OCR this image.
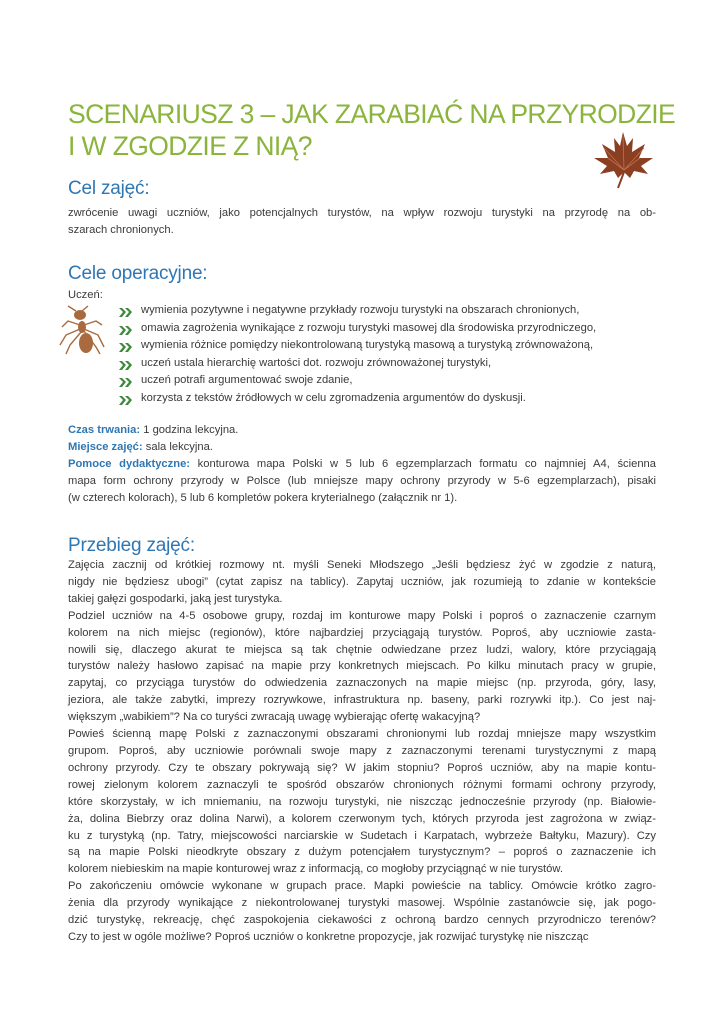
SCENARIUSZ 3 – JAK ZARABIAĆ NA PRZYRODZIE
I W ZGODZIE Z NIĄ?
Cel zajęć:

zwrócenie uwagi uczniów, jako potencjalnych turystów, na wpływ rozwoju turystyki na przyrodę na ob-
szarach chronionych.

Cele operacyjne:

Uczeń:

wymienia pozytywne i negatywne przykłady rozwoju turystyki na obszarach chronionych,
omawia zagrożenia wynikające z rozwoju turystyki masowej dla środowiska przyrodniczego,
wymienia różnice pomiędzy niekontrolowaną turystyką masową a turystyką zrównoważoną,
uczeń ustala hierarchię wartości dot. rozwoju zrównoważonej turystyki,
uczeń potrafi argumentować swoje zdanie,
korzysta z tekstów źródłowych w celu zgromadzenia argumentów do dyskusji.

Czas trwania: 1 godzina lekcyjna.

Miejsce zajęć: sala lekcyjna.

Pomoce dydaktyczne: konturowa mapa Polski w 5 lub 6 egzemplarzach formatu co najmniej A4, ścienna
mapa form ochrony przyrody w Polsce (lub mniejsze mapy ochrony przyrody w 5-6 egzemplarzach), pisaki
(w czterech kolorach), 5 lub 6 kompletów pokera kryterialnego (załącznik nr 1).

Przebieg zajęć:

Zajęcia zacznij od krótkiej rozmowy nt. myśli Seneki Młodszego „Jeśli będziesz żyć w zgodzie z naturą,
nigdy nie będziesz ubogi” (cytat zapisz na tablicy). Zapytaj uczniów, jak rozumieją to zdanie w kontekście
takiej gałęzi gospodarki, jaką jest turystyka.
Podziel uczniów na 4-5 osobowe grupy, rozdaj im konturowe mapy Polski i poproś o zaznaczenie czarnym
kolorem na nich miejsc (regionów), które najbardziej przyciągają turystów. Poproś, aby uczniowie zasta-
nowili się, dlaczego akurat te miejsca są tak chętnie odwiedzane przez ludzi, walory, które przyciągają
turystów należy hasłowo zapisać na mapie przy konkretnych miejscach. Po kilku minutach pracy w grupie,
zapytaj, co przyciąga turystów do odwiedzenia zaznaczonych na mapie miejsc (np. przyroda, góry, lasy,
jeziora, ale także zabytki, imprezy rozrywkowe, infrastruktura np. baseny, parki rozrywki itp.). Co jest naj-
większym „wabikiem”? Na co turyści zwracają uwagę wybierając ofertę wakacyjną?
Powieś ścienną mapę Polski z zaznaczonymi obszarami chronionymi lub rozdaj mniejsze mapy wszystkim
grupom. Poproś, aby uczniowie porównali swoje mapy z zaznaczonymi terenami turystycznymi z mapą
ochrony przyrody. Czy te obszary pokrywają się? W jakim stopniu? Poproś uczniów, aby na mapie kontu-
rowej zielonym kolorem zaznaczyli te spośród obszarów chronionych różnymi formami ochrony przyrody,
które skorzystały, w ich mniemaniu, na rozwoju turystyki, nie niszcząc jednocześnie przyrody (np. Białowie-
ża, dolina Biebrzy oraz dolina Narwi), a kolorem czerwonym tych, których przyroda jest zagrożona w związ-
ku z turystyką (np. Tatry, miejscowości narciarskie w Sudetach i Karpatach, wybrzeże Bałtyku, Mazury). Czy
są na mapie Polski nieodkryte obszary z dużym potencjałem turystycznym? – poproś o zaznaczenie ich
kolorem niebieskim na mapie konturowej wraz z informacją, co mogłoby przyciągnąć w nie turystów.
Po zakończeniu omówcie wykonane w grupach prace. Mapki powieście na tablicy. Omówcie krótko zagro-
żenia dla przyrody wynikające z niekontrolowanej turystyki masowej. Wspólnie zastanówcie się, jak pogo-
dzić turystykę, rekreację, chęć zaspokojenia ciekawości z ochroną bardzo cennych przyrodniczo terenów?
Czy to jest w ogóle możliwe? Poproś uczniów o konkretne propozycje, jak rozwijać turystykę nie niszcząc
